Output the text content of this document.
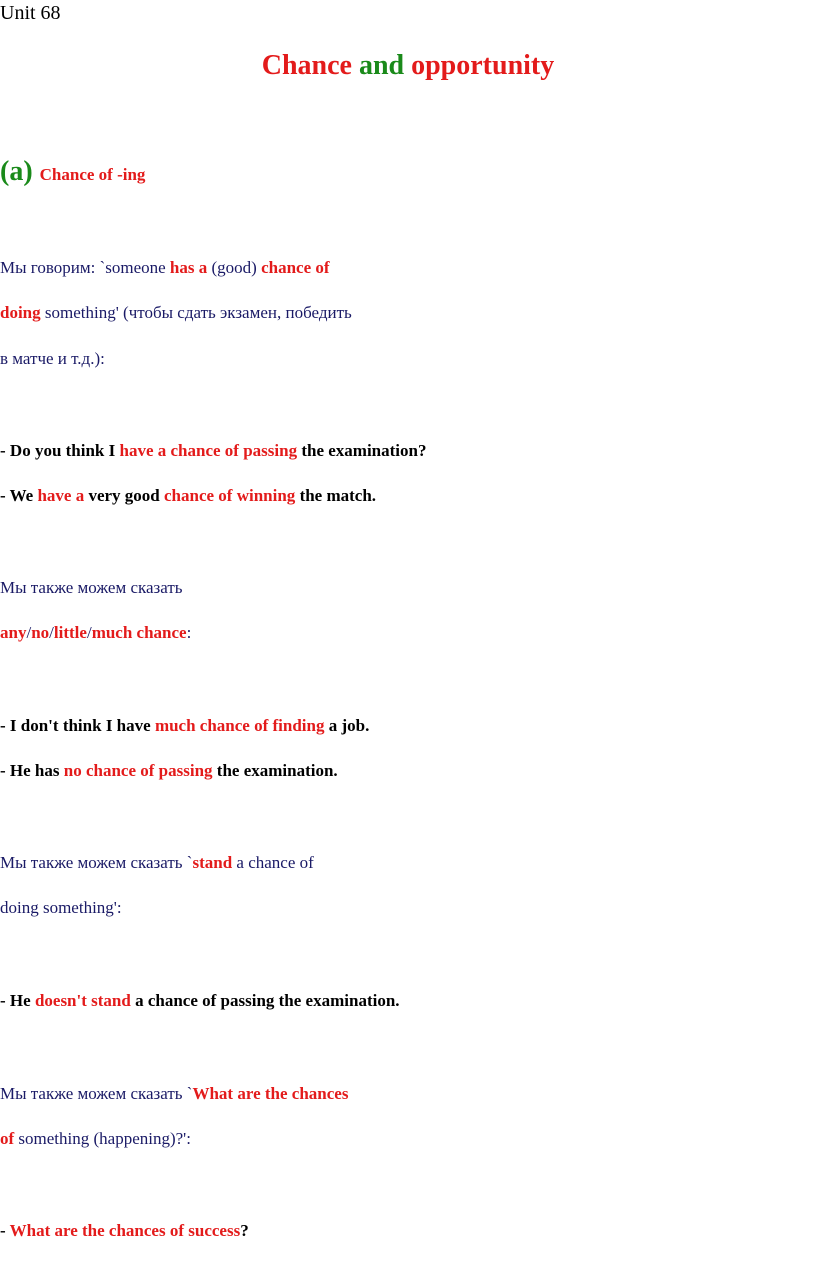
Unit 68
Chance and opportunity
(a) Chance of -ing
Мы говорим: `someone has a (good) chance of
doing something' (чтобы сдать экзамен, победить
в матче и т.д.):
- Do you think I have a chance of passing the examination?
- We have a very good chance of winning the match.
Мы также можем сказать
any/no/little/much chance:
- I don't think I have much chance of finding a job.
- He has no chance of passing the examination.
Мы также можем сказать `stand a chance of
doing something':
- He doesn't stand a chance of passing the examination.
Мы также можем сказать `What are the chances
of something (happening)?':
- What are the chances of success?
